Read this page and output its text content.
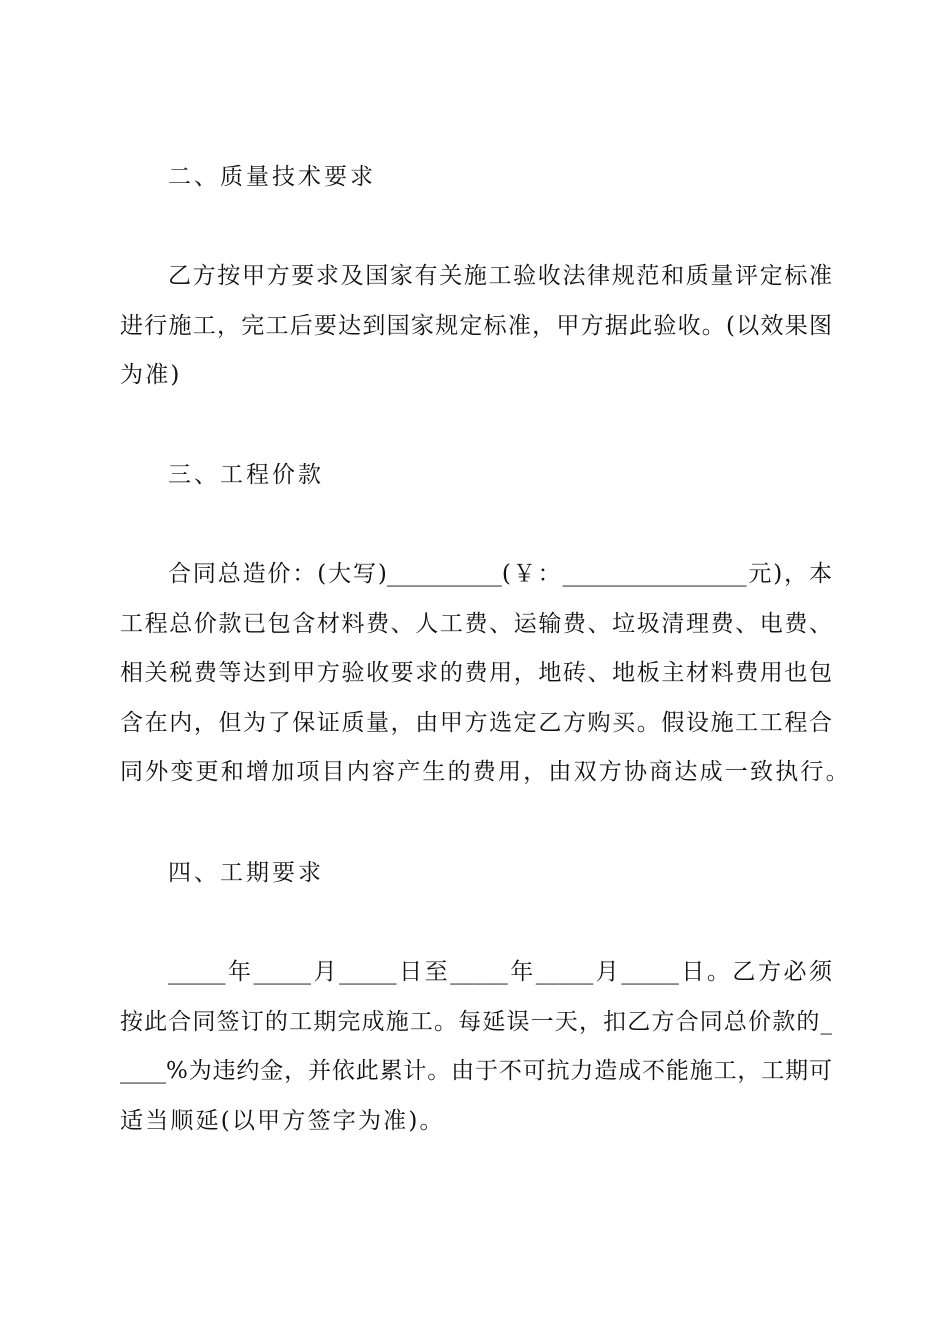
二、质量技术要求
乙方按甲方要求及国家有关施工验收法律规范和质量评定标准
进行施工，完工后要达到国家规定标准，甲方据此验收。(以效果图
为准)
三、工程价款
合同总造价：(大写)__________(￥：________________元)，本
工程总价款已包含材料费、人工费、运输费、垃圾清理费、电费、
相关税费等达到甲方验收要求的费用，地砖、地板主材料费用也包
含在内，但为了保证质量，由甲方选定乙方购买。假设施工工程合
同外变更和增加项目内容产生的费用，由双方协商达成一致执行。
四、工期要求
_____年_____月_____日至_____年_____月_____日。乙方必须
按此合同签订的工期完成施工。每延误一天，扣乙方合同总价款的_
____%为违约金，并依此累计。由于不可抗力造成不能施工，工期可
适当顺延(以甲方签字为准)。
